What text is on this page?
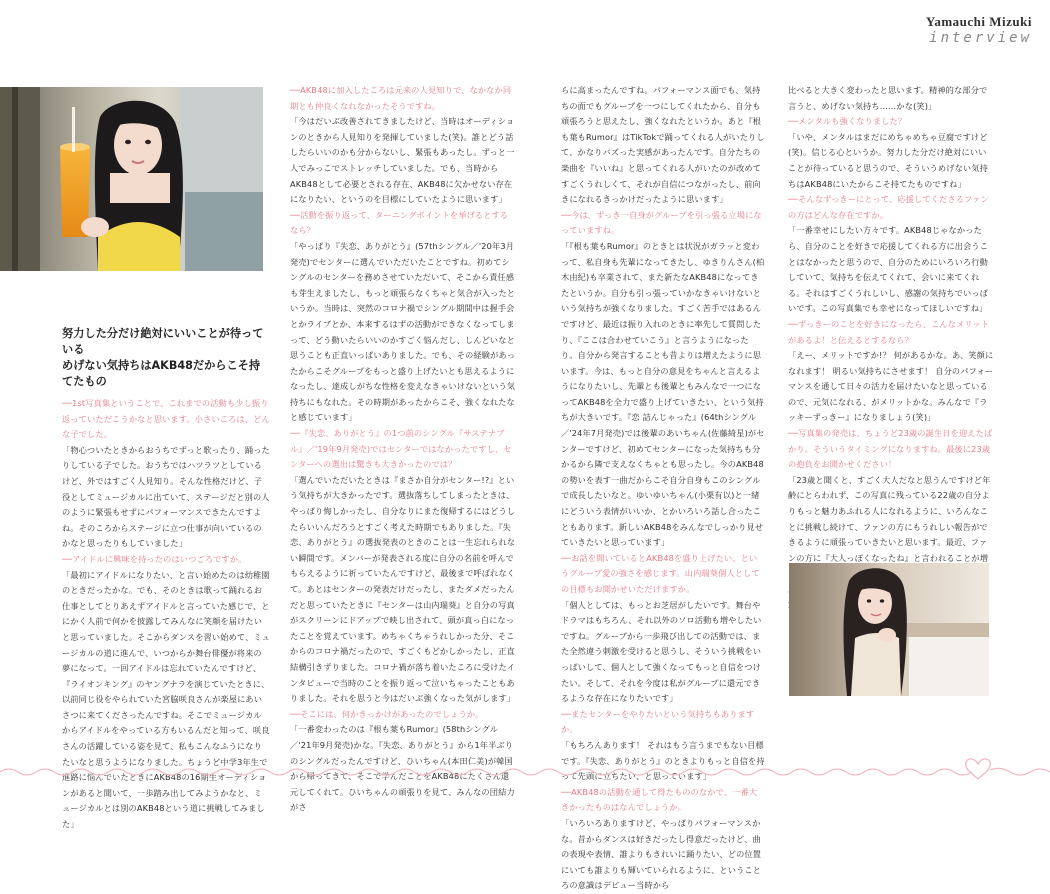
Yamauchi Mizuki
interview
努力した分だけ絶対にいいことが待っている
めげない気持ちはAKB48だからこそ持てたもの

──1st写真集ということで、これまでの活動も少し振り返っていただこうかなと思います。小さいころは、どんな子でした。

「物心ついたときからおうちでずっと歌ったり、踊ったりしている子でした。おうちではハツラツとしているけど、外ではすごく人見知り。そんな性格だけど、子役としてミュージカルに出ていて、ステージだと別の人のように緊張もせずにパフォーマンスできたんですよね。そのころからステージに立つ仕事が向いているのかなと思ったりもしていました」

──アイドルに興味を持ったのはいつごろですか。

「最初にアイドルになりたい、と言い始めたのは幼稚園のときだったかな。でも、そのときは歌って踊れるお仕事としてとりあえずアイドルと言っていた感じで、とにかく人前で何かを披露してみんなに笑顔を届けたいと思っていました。そこからダンスを習い始めて、ミュージカルの道に進んで、いつからか舞台俳優が将来の夢になって。一回アイドルは忘れていたんですけど、『ライオンキング』のヤングナラを演じていたときに、以前同じ役をやられていた宮脇咲良さんが楽屋にあいさつに来てくださったんですね。そこでミュージカルからアイドルをやっている方もいるんだと知って、咲良さんの活躍している姿を見て、私もこんなふうになりたいなと思うようになりました。ちょうど中学3年生で進路に悩んでいたときにAKB48の16期生オーディションがあると聞いて、一歩踏み出してみようかなと、ミュージカルとは別のAKB48という道に挑戦してみました」

──AKB48に加入したころは元来の人見知りで、なかなか同期とも仲良くなれなかったそうですね。

「今はだいぶ改善されてきましたけど、当時はオーディションのときから人見知りを発揮していました(笑)。誰とどう話したらいいのかも分からないし、緊張もあったし。ずっと一人でみっこでストレッチしていました。でも、当時からAKB48として必要とされる存在、AKB48に欠かせない存在になりたい、というのを目標にしていたように思います」

──活動を振り返って、ターニングポイントを挙げるとするなら？

「やっぱり『失恋、ありがとう』(57thシングル／'20年3月発売)でセンターに選んでいただいたことですね。初めてシングルのセンターを務めさせていただいて、そこから責任感も芽生えましたし、もっと頑張らなくちゃと気合が入ったというか。当時は、突然のコロナ禍でシングル期間中は握手会とかライブとか、本来するはずの活動ができなくなってしまって、どう動いたらいいのかすごく悩んだし、しんどいなと思うことも正直いっぱいありました。でも、その経験があったからこそグループをもっと盛り上げたいとも思えるようになったし、達成しがちな性格を変えなきゃいけないという気持ちにもなれた。その時期があったからこそ、強くなれたなと感じています」

──『失恋、ありがとう』の1つ前のシングル『サステナブル』／'19年9月発売)ではセンターではなかったですし、センターへの選出は驚きも大きかったのでは？

「選んでいただいたときは『まさか自分がセンター!?』という気持ちが大きかったです。選抜落ちしてしまったときは、やっぱり悔しかったし、自分なりにまた復帰するにはどうしたらいいんだろうとすごく考えた時期でもありました。『失恋、ありがとう』の選抜発表のときのことは一生忘れられない瞬間です。メンバーが発表される度に自分の名前を呼んでもらえるように祈っていたんですけど、最後まで呼ばれなくて。あとはセンターの発表だけだったし、またダメだったんだと思っていたときに『センターは山内瑞葵』と自分の写真がスクリーンにドアップで映し出されて、頭が真っ白になったことを覚えています。めちゃくちゃうれしかった分、そこからのコロナ禍だったので、すごくもどかしかったし、正直結構引きずりました。コロナ禍が落ち着いたころに受けたインタビューで当時のことを振り返って泣いちゃったこともありました。それを思うと今はだいぶ強くなった気がします」

──そこには、何かきっかけがあったのでしょうか。

「一番変わったのは『根も葉もRumor』(58thシングル／'21年9月発売)かな。『失恋、ありがとう』から1年半ぶりのシングルだったんですけど、ひいちゃん(本田仁美)が韓国から帰ってきて、そこで学んだことをAKB48にたくさん還元してくれて。ひいちゃんの頑張りを見て、みんなの団結力がさ

らに高まったんですね。パフォーマンス面でも、気持ちの面でもグループを一つにしてくれたから、自分も頑張ろうと思えたし、強くなれたというか。あと『根も葉もRumor』はTikTokで踊ってくれる人がいたりして、かなりバズった実感があったんです。自分たちの楽曲を『いいね』と思ってくれる人がいたのが改めてすごくうれしくて、それが自信につながったし、前向きになれるきっかけだったように思います」

──今は、ずっき一自身がグループを引っ張る立場になっていますね。

「『根も葉もRumor』のときとは状況がガラッと変わって、私自身も先輩になってきたし、ゆきりんさん(柏木由紀)も卒業されて、また新たなAKB48になってきたというか。自分も引っ張っていかなきゃいけないという気持ちが強くなりました。すごく苦手ではあるんですけど、最近は振り入れのときに率先して質問したり、『ここは合わせていこう』と言うようになったり。自分から発言することも昔よりは増えたように思います。今は、もっと自分の意見をちゃんと言えるようになりたいし、先輩とも後輩ともみんなで一つになってAKB48を全力で盛り上げていきたい、という気持ちが大きいです。『恋 詰んじゃった』(64thシングル／'24年7月発売)では後輩のあいちゃん(佐藤綺星)がセンターですけど、初めてセンターになった気持ちも分かるから隣で支えなくちゃとも思ったし。今のAKB48の勢いを表す一曲だからこそ自分自身もこのシングルで成長したいなと。ゆいゆいちゃん(小栗有以)と一緒にどういう表情がいいか、とかいろいろ話し合ったこともあります。新しいAKB48をみんなでしっかり見せていきたいと思っています」

──お話を聞いているとAKB48を盛り上げたい、というグループ愛の強さを感じます。山内瑞葵個人としての目標もお聞かせいただけますか。

「個人としては、もっとお芝居がしたいです。舞台やドラマはもちろん、それ以外のソロ活動も増やしたいですね。グループから一歩飛び出しての活動では、また全然違う刺激を受けると思うし、そういう挑戦をいっぱいして、個人として強くなってもっと自信をつけたい。そして、それを今度は私がグループに還元できるような存在になりたいです」

──またセンターをやりたいという気持ちもありますか。

「もちろんあります！ それはもう言うまでもない目標です。『失恋、ありがとう』のときよりもっと自信を持って先頭に立ちたい、と思っています」

──AKB48の活動を通して得たもののなかで、一番大きかったものはなんでしょうか。

「いろいろありますけど、やっぱりパフォーマンスかな。昔からダンスは好きだったし得意だったけど、曲の表現や表情、誰よりもきれいに踊りたい、どの位置にいても誰よりも輝いていられるように、ということろの意識はデビュー当時から

比べると大きく変わったと思います。精神的な部分で言うと、めげない気持ち……かな(笑)」

──メンタルも強くなりました？

「いや、メンタルはまだにめちゃめちゃ豆腐ですけど(笑)。信じる心というか。努力した分だけ絶対にいいことが待っていると思うので、そういうめげない気持ちはAKB48にいたからこそ持てたものですね」

──そんなずっきーにとって、応援してくださるファンの方はどんな存在ですか。

「一番幸せにしたい方々です。AKB48じゃなかったら、自分のことを好きで応援してくれる方に出会うことはなかったと思うので、自分のためにいろいろ行動していて、気持ちを伝えてくれて、会いに来てくれる。それはすごくうれしいし、感謝の気持ちでいっぱいです。この写真集でも幸せになってほしいですね」

──ずっきーのことを好きになったら、こんなメリットがあるよ！と伝えるとするなら？

「えー、メリットですか!？ 何があるかな。あ、笑顔になれます！ 明るい気持ちにさせます！ 自分のパフォーマンスを通して日々の活力を届けたいなと思っているので、元気になれる、がメリットかな。みんなで『ラッキーずっきー』になりましょう(笑)」

──写真集の発売は、ちょうど23歳の誕生日を迎えたばかり。そういうタイミングになりますね。最後に23歳の抱負をお聞かせください！

「23歳と聞くと、すごく大人だなと思うんですけど年齢にとらわれず、この写真に残っている22歳の自分よりもっと魅力あふれる人になれるように、いろんなことに挑戦し続けて、ファンの方にもうれしい報告ができるように頑張っていきたいと思います。最近、ファンの方に『大人っぽくなったね』と言われることが増
